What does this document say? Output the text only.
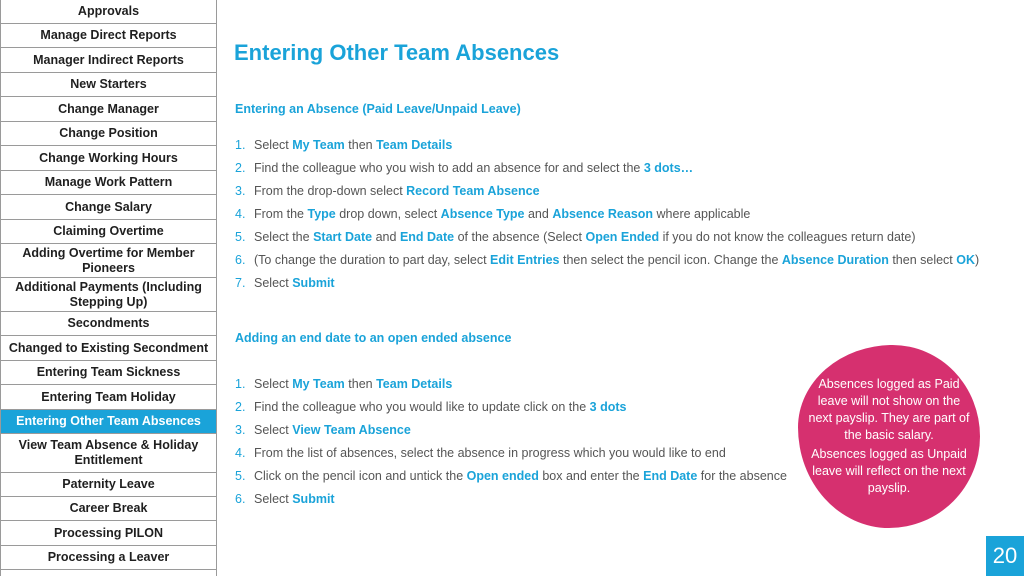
Approvals
Manage Direct Reports
Manager Indirect Reports
New Starters
Change Manager
Change Position
Change Working Hours
Manage Work Pattern
Change Salary
Claiming Overtime
Adding Overtime for Member Pioneers
Additional Payments (Including Stepping Up)
Secondments
Changed to Existing Secondment
Entering Team Sickness
Entering Team Holiday
Entering Other Team Absences
View Team Absence & Holiday Entitlement
Paternity Leave
Career Break
Processing PILON
Processing a Leaver
Entering Other Team Absences
Entering an Absence (Paid Leave/Unpaid Leave)
1. Select My Team then Team Details
2. Find the colleague who you wish to add an absence for and select the 3 dots…
3. From the drop-down select Record Team Absence
4. From the Type drop down, select Absence Type and Absence Reason where applicable
5. Select the Start Date and End Date of the absence (Select Open Ended if you do not know the colleagues return date)
6. (To change the duration to part day, select Edit Entries then select the pencil icon. Change the Absence Duration then select OK)
7. Select Submit
Adding an end date to an open ended absence
1. Select My Team then Team Details
2. Find the colleague who you would like to update click on the 3 dots
3. Select View Team Absence
4. From the list of absences, select the absence in progress which you would like to end
5. Click on the pencil icon and untick the Open ended box and enter the End Date for the absence
6. Select Submit

Absences logged as Paid leave will not show on the next payslip. They are part of the basic salary.

Absences logged as Unpaid leave will reflect on the next payslip.

20
